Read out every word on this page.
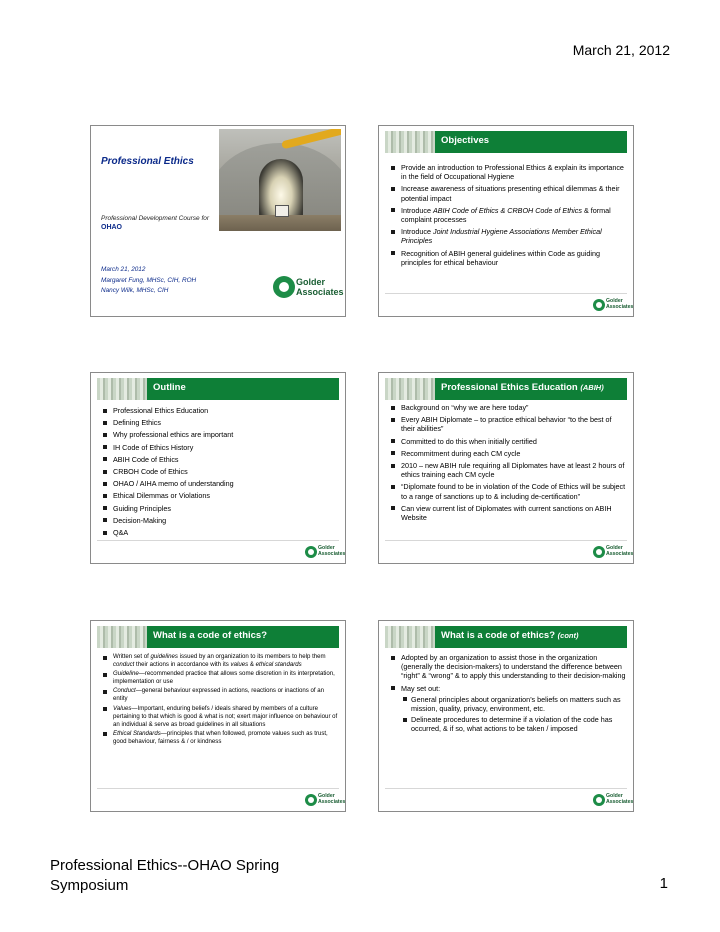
March 21, 2012
Professional Ethics
Professional Development Course for
OHAO
March 21, 2012
Margaret Fung, MHSc, CIH, ROH
Nancy Wilk, MHSc, CIH
Golder
Associates
Objectives
Provide an introduction to Professional Ethics & explain its importance in the field of Occupational Hygiene
Increase awareness of situations presenting ethical dilemmas & their potential impact
Introduce ABIH Code of Ethics & CRBOH Code of Ethics & formal complaint processes
Introduce Joint Industrial Hygiene Associations Member Ethical Principles
Recognition of ABIH general guidelines within Code as guiding principles for ethical behaviour
Golder
Associates
Outline
Professional Ethics Education
Defining Ethics
Why professional ethics are important
IH Code of Ethics History
ABIH Code of Ethics
CRBOH Code of Ethics
OHAO / AIHA memo of understanding
Ethical Dilemmas or Violations
Guiding Principles
Decision-Making
Q&A
Golder
Associates
Professional Ethics Education (ABIH)
Background on “why we are here today”
Every ABIH Diplomate – to practice ethical behavior “to the best of their abilities”
Committed to do this when initially certified
Recommitment during each CM cycle
2010 – new ABIH rule requiring all Diplomates have at least 2 hours of ethics training each CM cycle
“Diplomate found to be in violation of the Code of Ethics will be subject to a range of sanctions up to & including de-certification”
Can view current list of Diplomates with current sanctions on ABIH Website
Golder
Associates
What is a code of ethics?
Written set of guidelines issued by an organization to its members to help them conduct their actions in accordance with its values & ethical standards
Guideline—recommended practice that allows some discretion in its interpretation, implementation or use
Conduct—general behaviour expressed in actions, reactions or inactions of an entity
Values—Important, enduring beliefs / ideals shared by members of a culture pertaining to that which is good & what is not; exert major influence on behaviour of an individual & serve as broad guidelines in all situations
Ethical Standards—principles that when followed, promote values such as trust, good behaviour, fairness & / or kindness
Golder
Associates
What is a code of ethics? (cont)
Adopted by an organization to assist those in the organization (generally the decision-makers) to understand the difference between “right” & “wrong” & to apply this understanding to their decision-making
May set out:
General principles about organization’s beliefs on matters such as mission, quality, privacy, environment, etc.
Delineate procedures to determine if a violation of the code has occurred, & if so, what actions to be taken / imposed
Golder
Associates
Professional Ethics--OHAO Spring Symposium	1
